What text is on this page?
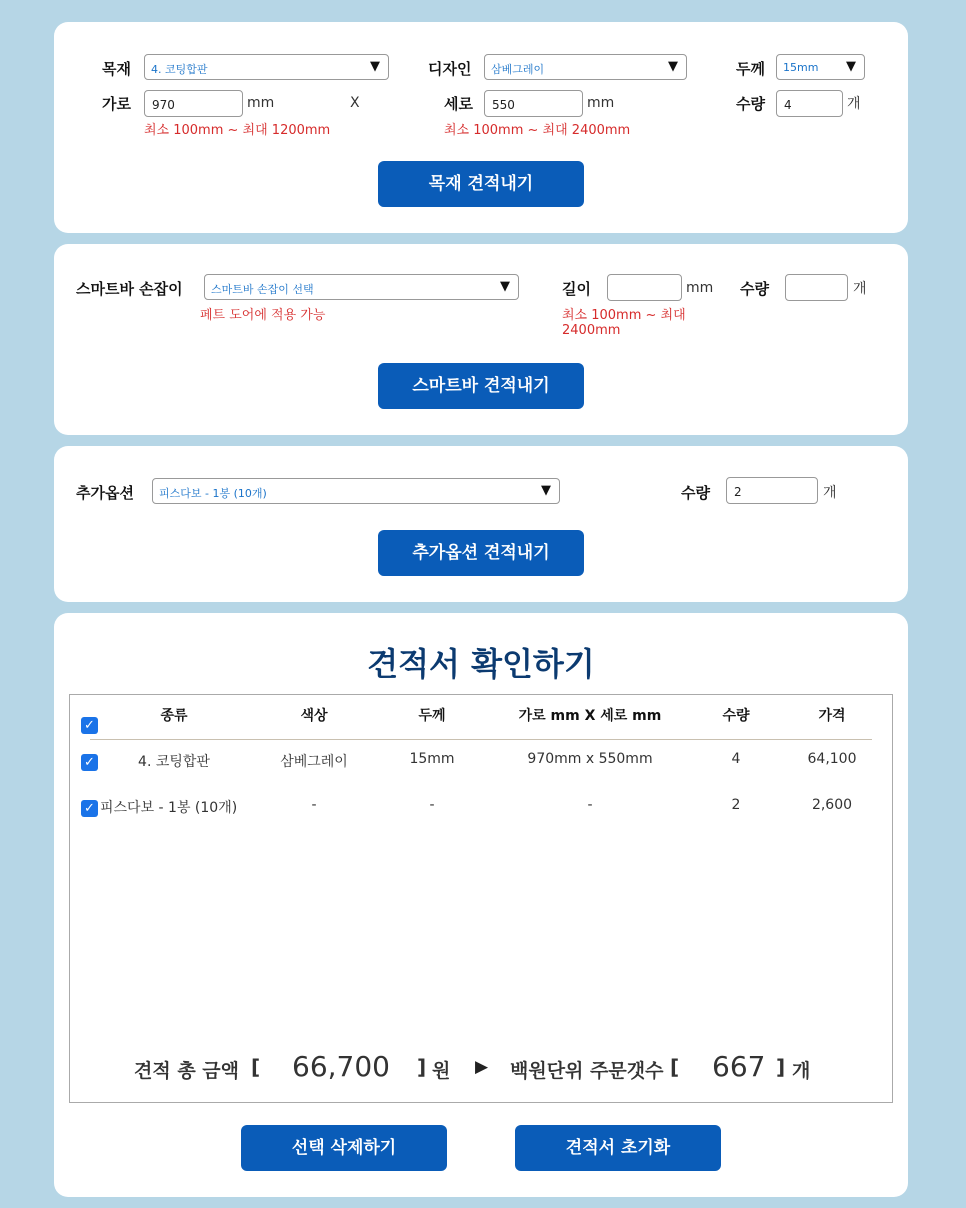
목재	4. 코팅합판	▼	디자인	삼베그레이	▼	두께	15mm ▼
가로	970	mm	X	세로	550	mm	수량	4	개
최소 100mm ~ 최대 1200mm	최소 100mm ~ 최대 2400mm
목재 견적내기
스마트바 손잡이	스마트바 손잡이 선택	▼
페트 도어에 적용 가능
길이	mm
최소 100mm ~ 최대
2400mm
수량	개
스마트바 견적내기
추가옵션	피스다보 - 1봉 (10개)	▼	수량	2	개
추가옵션 견적내기
견적서 확인하기
✓
종류	색상	두께	가로 mm X 세로 mm	수량	가격
✓	4. 코팅합판	삼베그레이	15mm	970mm x 550mm	4	64,100
✓ 피스다보 - 1봉 (10개)	-	-	-	2	2,600
견적 총 금액 [ 66,700 ] 원 ▶ 백원단위 주문갯수 [ 667 ] 개
선택 삭제하기	견적서 초기화
